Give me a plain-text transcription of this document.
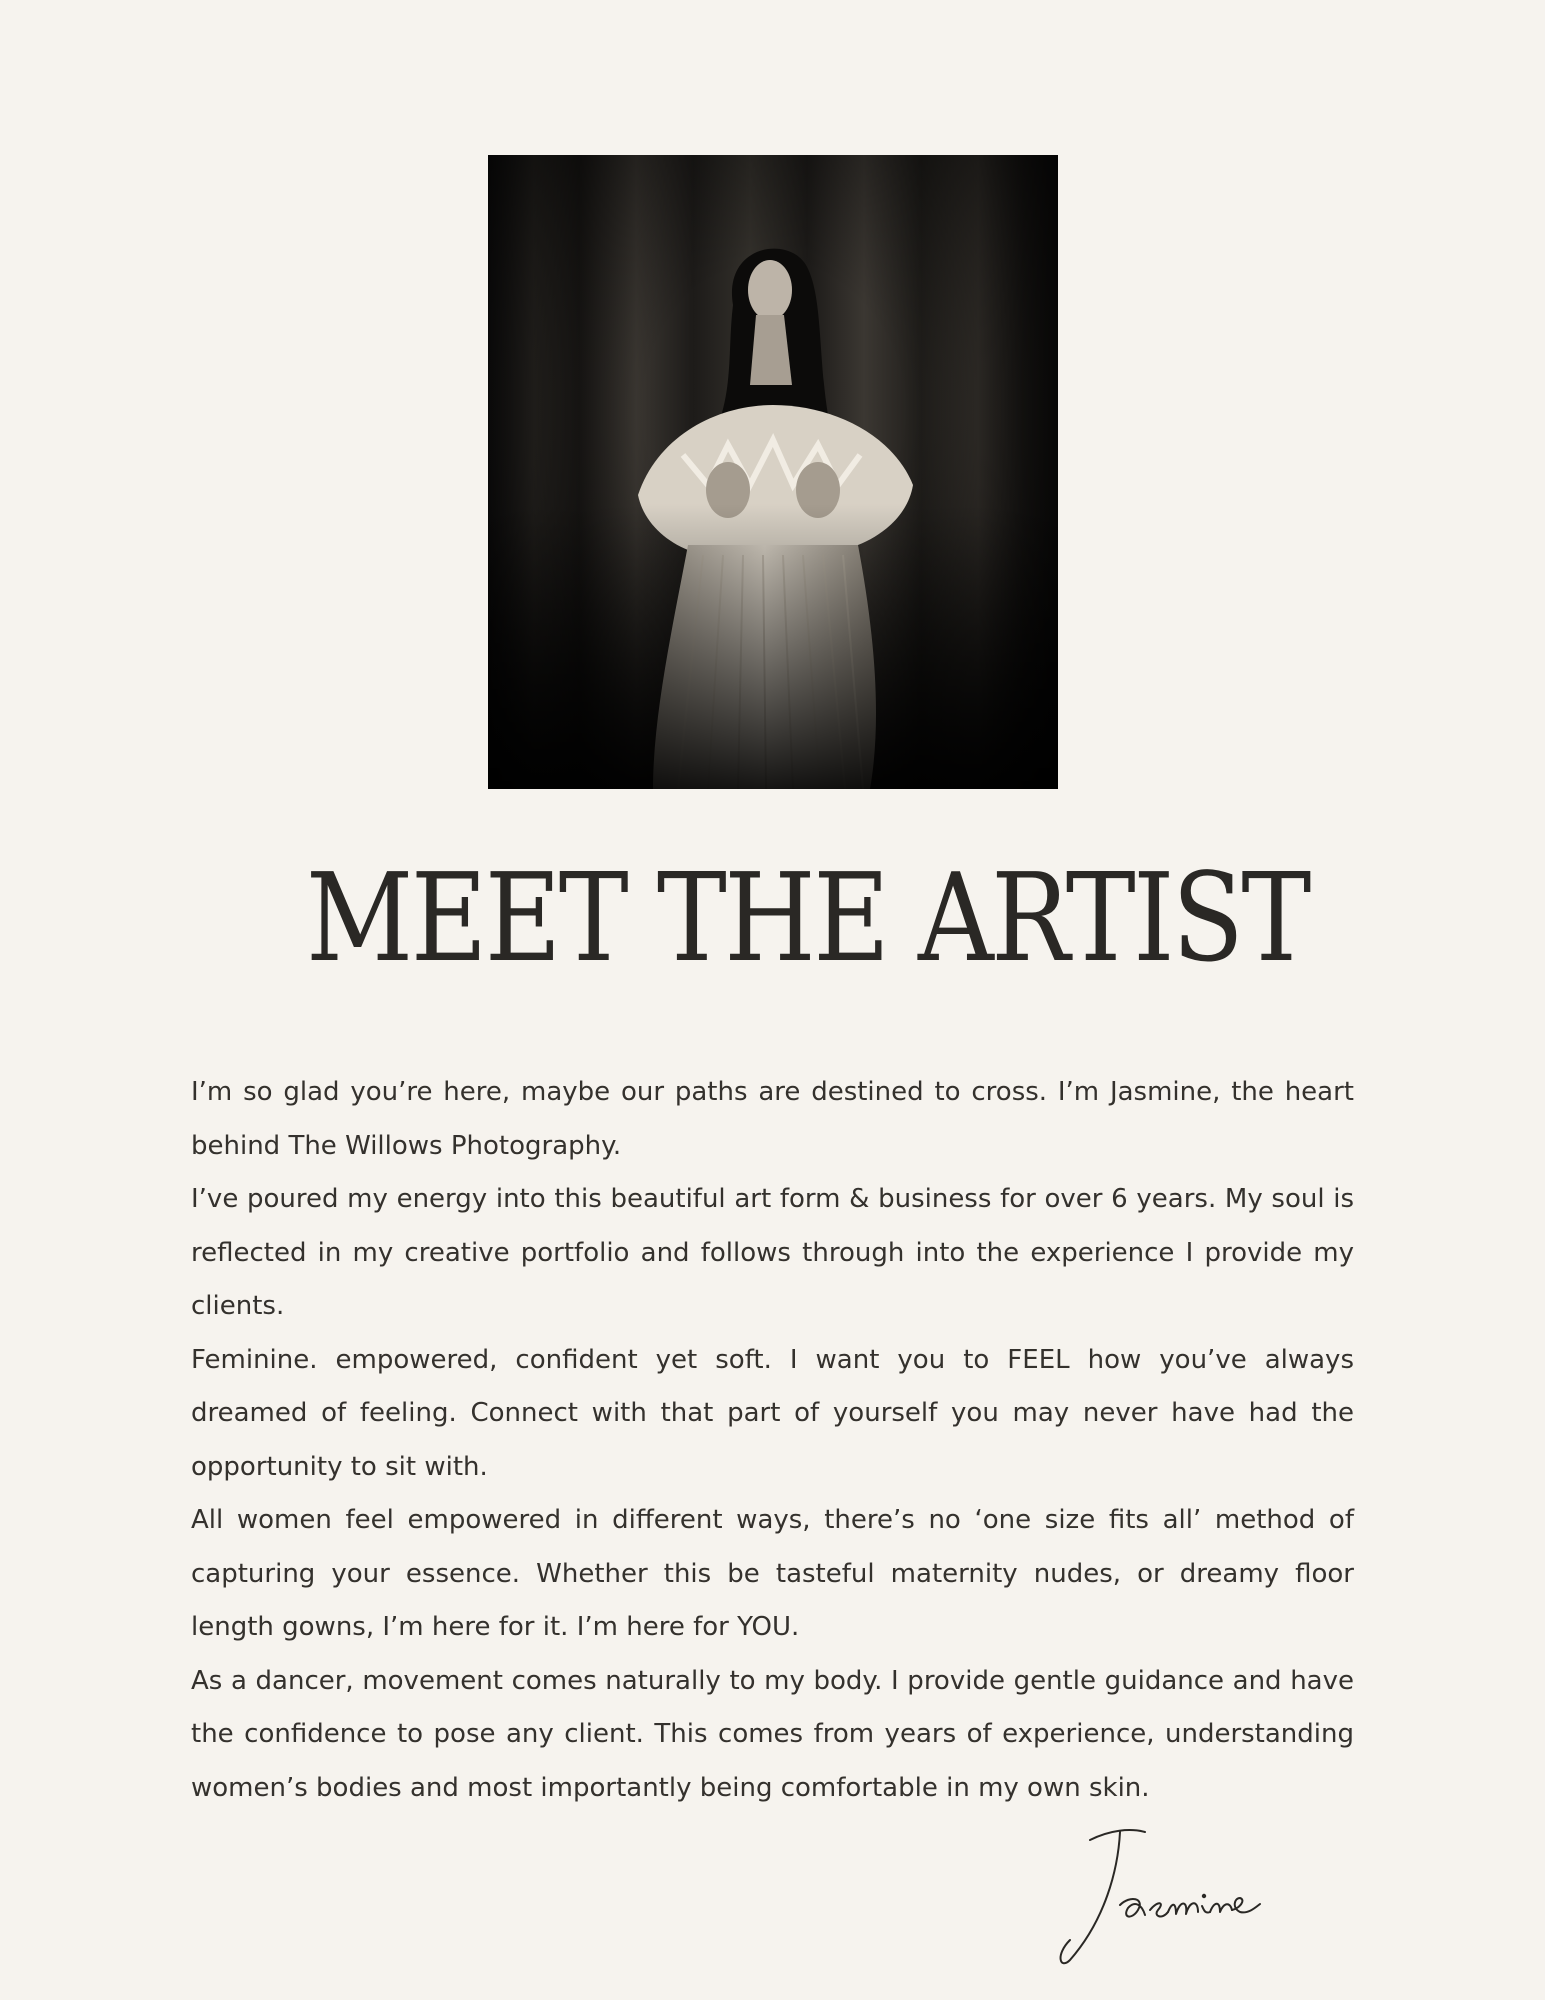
MEET THE ARTIST

I’m so glad you’re here, maybe our paths are destined to cross. I’m Jasmine, the heart behind The Willows Photography.

I’ve poured my energy into this beautiful art form & business for over 6 years. My soul is reflected in my creative portfolio and follows through into the experience I provide my clients.

Feminine. empowered, confident yet soft. I want you to FEEL how you’ve always dreamed of feeling. Connect with that part of yourself you may never have had the opportunity to sit with.

All women feel empowered in different ways, there’s no ‘one size fits all’ method of capturing your essence. Whether this be tasteful maternity nudes, or dreamy floor length gowns, I’m here for it. I’m here for YOU.

As a dancer, movement comes naturally to my body. I provide gentle guidance and have the confidence to pose any client. This comes from years of experience, understanding women’s bodies and most importantly being comfortable in my own skin.
